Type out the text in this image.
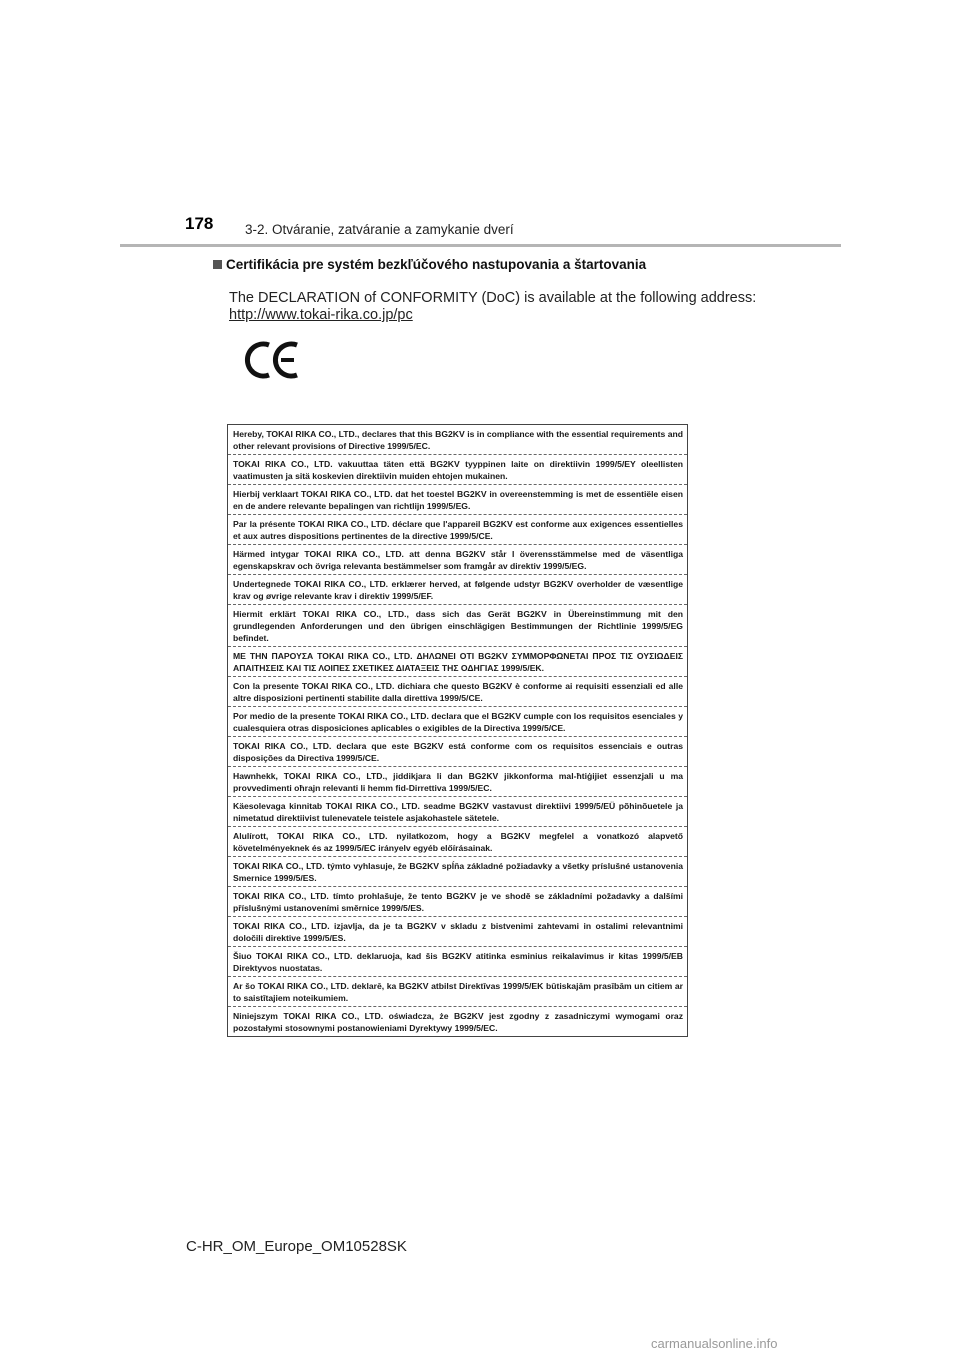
178 3-2. Otváranie, zatváranie a zamykanie dverí
Certifikácia pre systém bezkľúčového nastupovania a štartovania
The DECLARATION of CONFORMITY (DoC) is available at the following address:
http://www.tokai-rika.co.jp/pc
Hereby, TOKAI RIKA CO., LTD., declares that this BG2KV is in compliance with the essential requirements and other relevant provisions of Directive 1999/5/EC.
TOKAI RIKA CO., LTD. vakuuttaa täten että BG2KV tyyppinen laite on direktiivin 1999/5/EY oleellisten vaatimusten ja sitä koskevien direktiivin muiden ehtojen mukainen.
Hierbij verklaart TOKAI RIKA CO., LTD. dat het toestel BG2KV in overeenstemming is met de essentiële eisen en de andere relevante bepalingen van richtlijn 1999/5/EG.
Par la présente TOKAI RIKA CO., LTD. déclare que l'appareil BG2KV est conforme aux exigences essentielles et aux autres dispositions pertinentes de la directive 1999/5/CE.
Härmed intygar TOKAI RIKA CO., LTD. att denna BG2KV står I överensstämmelse med de väsentliga egenskapskrav och övriga relevanta bestämmelser som framgår av direktiv 1999/5/EG.
Undertegnede TOKAI RIKA CO., LTD. erklærer herved, at følgende udstyr BG2KV overholder de væsentlige krav og øvrige relevante krav i direktiv 1999/5/EF.
Hiermit erklärt TOKAI RIKA CO., LTD., dass sich das Gerät BG2KV in Übereinstimmung mit den grundlegenden Anforderungen und den übrigen einschlägigen Bestimmungen der Richtlinie 1999/5/EG befindet.
ΜΕ ΤΗΝ ΠΑΡΟΥΣΑ TOKAI RIKA CO., LTD. ΔΗΛΩΝΕΙ ΟΤΙ BG2KV ΣΥΜΜΟΡΦΩΝΕΤΑΙ ΠΡΟΣ ΤΙΣ ΟΥΣΙΩΔΕΙΣ ΑΠΑΙΤΗΣΕΙΣ ΚΑΙ ΤΙΣ ΛΟΙΠΕΣ ΣΧΕΤΙΚΕΣ ΔΙΑΤΑΞΕΙΣ ΤΗΣ ΟΔΗΓΙΑΣ 1999/5/ΕΚ.
Con la presente TOKAI RIKA CO., LTD. dichiara che questo BG2KV è conforme ai requisiti essenziali ed alle altre disposizioni pertinenti stabilite dalla direttiva 1999/5/CE.
Por medio de la presente TOKAI RIKA CO., LTD. declara que el BG2KV cumple con los requisitos esenciales y cualesquiera otras disposiciones aplicables o exigibles de la Directiva 1999/5/CE.
TOKAI RIKA CO., LTD. declara que este BG2KV está conforme com os requisitos essenciais e outras disposições da Directiva 1999/5/CE.
Hawnhekk, TOKAI RIKA CO., LTD., jiddikjara li dan BG2KV jikkonforma mal-ħtiġijiet essenzjali u ma provvedimenti oħrajn relevanti li hemm fid-Dirrettiva 1999/5/EC.
Käesolevaga kinnitab TOKAI RIKA CO., LTD. seadme BG2KV vastavust direktiivi 1999/5/EÜ põhinõuetele ja nimetatud direktiivist tulenevatele teistele asjakohastele sätetele.
Alulírott, TOKAI RIKA CO., LTD. nyilatkozom, hogy a BG2KV megfelel a vonatkozó alapvető követelményeknek és az 1999/5/EC irányelv egyéb előírásainak.
TOKAI RIKA CO., LTD. týmto vyhlasuje, že BG2KV spĺňa základné požiadavky a všetky príslušné ustanovenia Smernice 1999/5/ES.
TOKAI RIKA CO., LTD. tímto prohlašuje, že tento BG2KV je ve shodě se základními požadavky a dalšími příslušnými ustanoveními směrnice 1999/5/ES.
TOKAI RIKA CO., LTD. izjavlja, da je ta BG2KV v skladu z bistvenimi zahtevami in ostalimi relevantnimi določili direktive 1999/5/ES.
Šiuo TOKAI RIKA CO., LTD. deklaruoja, kad šis BG2KV atitinka esminius reikalavimus ir kitas 1999/5/EB Direktyvos nuostatas.
Ar šo TOKAI RIKA CO., LTD. deklarē, ka BG2KV atbilst Direktīvas 1999/5/EK būtiskajām prasībām un citiem ar to saistītajiem noteikumiem.
Niniejszym TOKAI RIKA CO., LTD. oświadcza, że BG2KV jest zgodny z zasadniczymi wymogami oraz pozostałymi stosownymi postanowieniami Dyrektywy 1999/5/EC.
C-HR_OM_Europe_OM10528SK
carmanualsonline.info
